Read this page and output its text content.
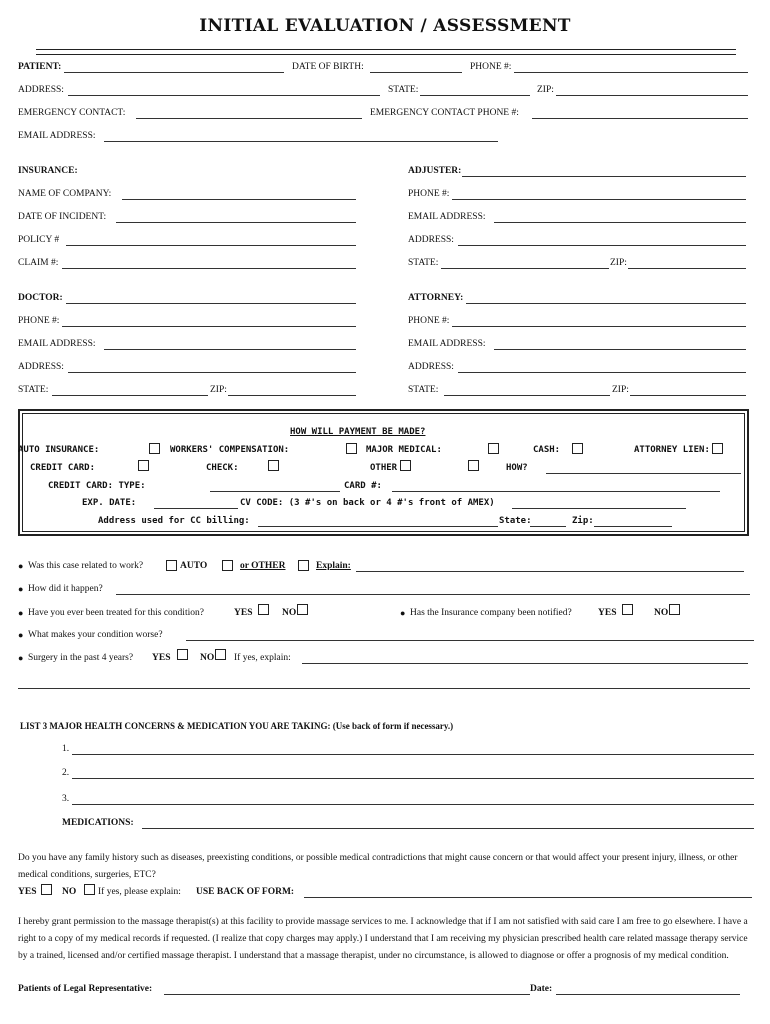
INITIAL EVALUATION / ASSESSMENT
PATIENT:	DATE OF BIRTH:	PHONE #:
ADDRESS:	STATE:	ZIP:
EMERGENCY CONTACT:	EMERGENCY CONTACT PHONE #:
EMAIL ADDRESS:
INSURANCE:	ADJUSTER:
NAME OF COMPANY:	PHONE #:
DATE OF INCIDENT:	EMAIL ADDRESS:
POLICY #	ADDRESS:
CLAIM #:	STATE:	ZIP:
DOCTOR:	ATTORNEY:
PHONE #:	PHONE #:
EMAIL ADDRESS:	EMAIL ADDRESS:
ADDRESS:	ADDRESS:
STATE:	ZIP:	STATE:	ZIP:
HOW WILL PAYMENT BE MADE?
AUTO INSURANCE:	WORKERS' COMPENSATION:	MAJOR MEDICAL:	CASH:	ATTORNEY LIEN:
CREDIT CARD:	CHECK:	OTHER	HOW?
CREDIT CARD: TYPE:	CARD #:
EXP. DATE:	CV CODE: (3 #'s on back or 4 #'s front of AMEX)
Address used for CC billing:	State:	Zip:
● Was this case related to work?	AUTO	or OTHER	Explain:
● How did it happen?
● Have you ever been treated for this condition?	YES	NO	● Has the Insurance company been notified?	YES	NO
● What makes your condition worse?
● Surgery in the past 4 years? YES	NO If yes, explain:
LIST 3 MAJOR HEALTH CONCERNS & MEDICATION YOU ARE TAKING: (Use back of form if necessary.)
1.
2.
3.
MEDICATIONS:
Do you have any family history such as diseases, preexisting conditions, or possible medical contradictions that might cause concern or that would affect your present injury, illness, or other medical conditions, surgeries, ETC?
YES	NO If yes, please explain: USE BACK OF FORM:
I hereby grant permission to the massage therapist(s) at this facility to provide massage services to me. I acknowledge that if I am not satisfied with said care I am free to go elsewhere. I have a right to a copy of my medical records if requested. (I realize that copy charges may apply.) I understand that I am receiving my physician prescribed health care related massage therapy service by a trained, licensed and/or certified massage therapist. I understand that a massage therapist, under no circumstance, is allowed to diagnose or offer a prognosis of my medical condition.
Patients of Legal Representative:	Date:
